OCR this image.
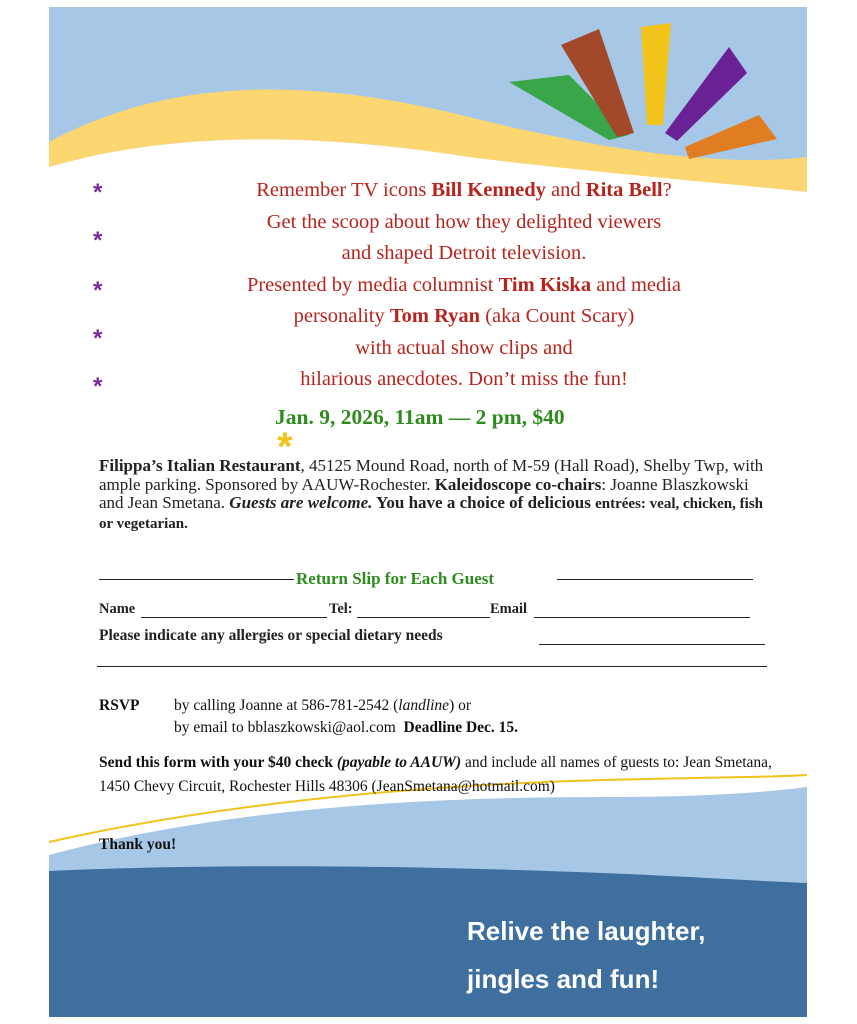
*
*
*
*
*
Remember TV icons Bill Kennedy and Rita Bell?
Get the scoop about how they delighted viewers
and shaped Detroit television.
Presented by media columnist Tim Kiska and media
personality Tom Ryan (aka Count Scary)
with actual show clips and
hilarious anecdotes. Don’t miss the fun!
Jan. 9, 2026, 11am — 2 pm, $40
*
Filippa’s Italian Restaurant, 45125 Mound Road, north of M-59 (Hall Road), Shelby Twp, with ample parking. Sponsored by AAUW-Rochester. Kaleidoscope co-chairs: Joanne Blaszkowski and Jean Smetana. Guests are welcome. You have a choice of delicious entrées: veal, chicken, fish or vegetarian.
Return Slip for Each Guest
Name	Tel:	Email
Please indicate any allergies or special dietary needs
RSVP	by calling Joanne at 586-781-2542 (landline) or
by email to bblaszkowski@aol.com Deadline Dec. 15.
Send this form with your $40 check (payable to AAUW) and include all names of guests to: Jean Smetana, 1450 Chevy Circuit, Rochester Hills 48306 (JeanSmetana@hotmail.com)
Thank you!
Relive the laughter,
jingles and fun!
